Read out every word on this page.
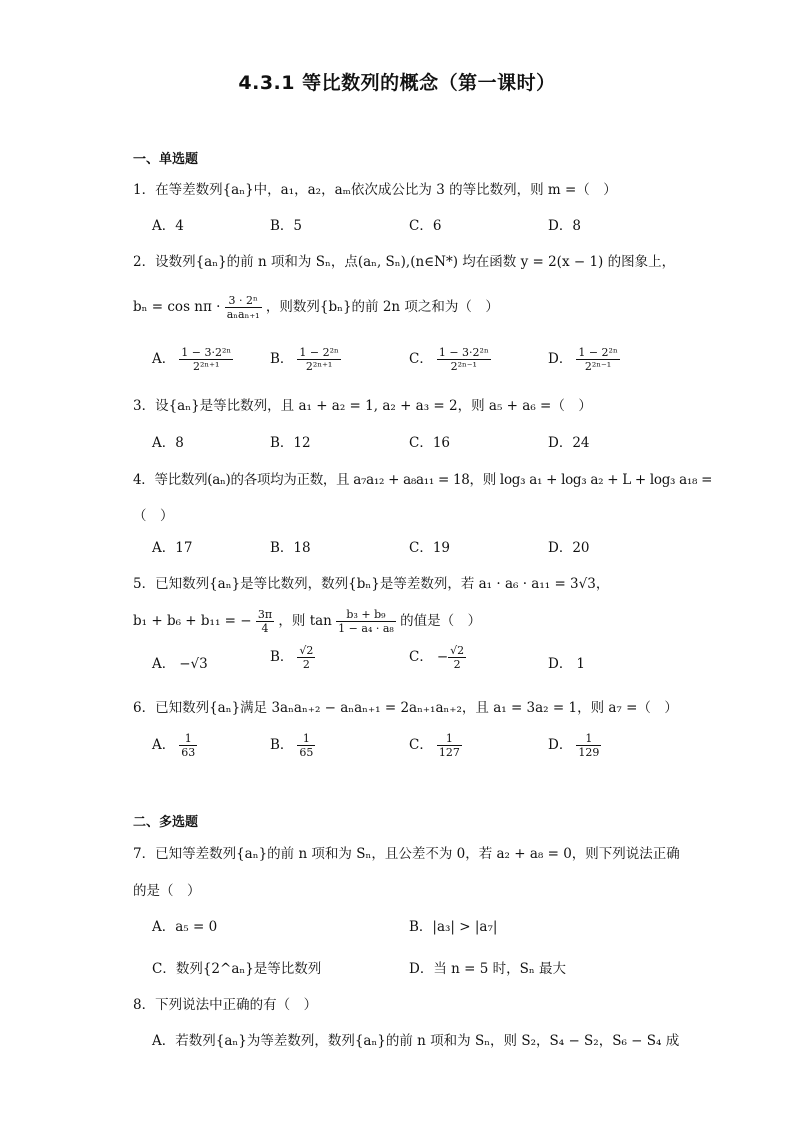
4.3.1 等比数列的概念（第一课时）
一、单选题
1．在等差数列{aₙ}中，a₁，a₂，aₘ依次成公比为 3 的等比数列，则 m =（　）
A．4	B．5	C．6	D．8
2．设数列{aₙ}的前 n 项和为 Sₙ，点(aₙ, Sₙ),(n∈N*) 均在函数 y = 2(x − 1) 的图象上，
$b_n = \cos n\pi \cdot \frac{\text{3 · 2ⁿ}}{\text{aₙaₙ₊₁}}$ ，则数列{bₙ}的前 2n 项之和为（　）
A． $\frac{\text{1 − 3·2²ⁿ}}{\text{2²ⁿ⁺¹}}$	B． $\frac{\text{1 − 2²ⁿ}}{\text{2²ⁿ⁺¹}}$	C． $\frac{\text{1 − 3·2²ⁿ}}{\text{2²ⁿ⁻¹}}$	D． $\frac{\text{1 − 2²ⁿ}}{\text{2²ⁿ⁻¹}}$
3．设{aₙ}是等比数列，且 a₁ + a₂ = 1, a₂ + a₃ = 2，则 a₅ + a₆ =（　）
A．8	B．12	C．16	D．24
4．等比数列(aₙ)的各项均为正数，且 a₇a₁₂ + a₈a₁₁ = 18，则 log₃ a₁ + log₃ a₂ + L + log₃ a₁₈ =
（　）
A．17	B．18	C．19	D．20
5．已知数列{aₙ}是等比数列，数列{bₙ}是等差数列，若 a₁ · a₆ · a₁₁ = 3√3，
b₁ + b₆ + b₁₁ = − $\frac{3\pi}{4}$ ，则 $\tan \frac{\text{b₃ + b₉}}{\text{1 − a₄ · a₈}}$ 的值是（　）
A． −√3	B． $\frac{√2}{2}$	C． − $\frac{√2}{2}$	D． 1
6．已知数列{aₙ}满足 3aₙaₙ₊₂ − aₙaₙ₊₁ = 2aₙ₊₁aₙ₊₂，且 a₁ = 3a₂ = 1，则 a₇ =（　）
A． $\frac{1}{63}$	B． $\frac{1}{65}$	C． $\frac{1}{127}$	D． $\frac{1}{129}$
二、多选题
7．已知等差数列{aₙ}的前 n 项和为 Sₙ，且公差不为 0，若 a₂ + a₈ = 0，则下列说法正确
的是（　）
A．a₅ = 0	B．|a₃| > |a₇|
C．数列{2^aₙ}是等比数列	D．当 n = 5 时，Sₙ 最大
8．下列说法中正确的有（　）
A．若数列{aₙ}为等差数列，数列{aₙ}的前 n 项和为 Sₙ，则 S₂，S₄ − S₂，S₆ − S₄ 成
